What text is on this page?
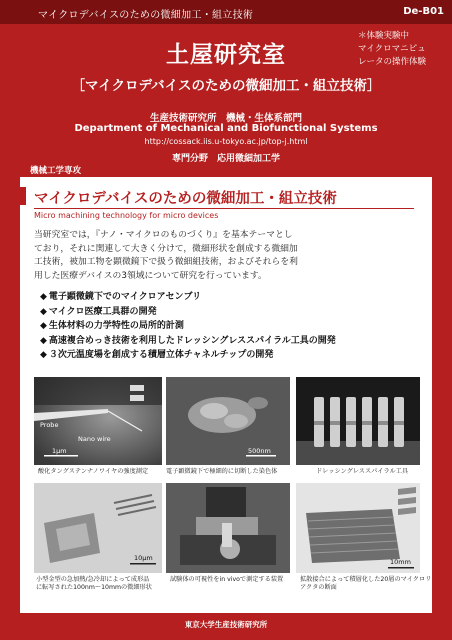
マイクロデバイスのための微細加工・組立技術	De-B01
＊体験実験中
マイクロマニピュ
レータの操作体験
土屋研究室
［マイクロデバイスのための微細加工・組立技術］
生産技術研究所　機械・生体系部門
Department of Mechanical and Biofunctional Systems
http://cossack.iis.u-tokyo.ac.jp/top-j.html
専門分野　応用微細加工学
機械工学専攻
マイクロデバイスのための微細加工・組立技術
Micro machining technology for micro devices
当研究室では，『ナノ・マイクロのものづくり』を基本テーマとし
ており，それに関連して大きく分けて，微細形状を創成する微細加
工技術，被加工物を顕微鏡下で扱う微細組技術，およびそれらを利
用した医療デバイスの3領域について研究を行っています。
◆ 電子顕微鏡下でのマイクロアセンブリ
◆ マイクロ医療工具群の開発
◆ 生体材料の力学特性の局所的計測
◆ 高速複合めっき技術を利用したドレッシングレススパイラル工具の開発
◆ ３次元温度場を創成する積層立体チャネルチップの開発
Probe
Nano wire
1μm
酸化タングステンナノワイヤの強度測定
500nm
電子顕微鏡下で極細的に切断した染色体	ドレッシングレススパイラル工具
10μm
小型金型の急加熱/急冷却によって成形品
に転写された100nm〜10mmの微細形状
試験体の可視性をin vivoで測定する装置
10mm
拡散接合によって積層化した20層のマイクロリ
アクタの断面
東京大学生産技術研究所
